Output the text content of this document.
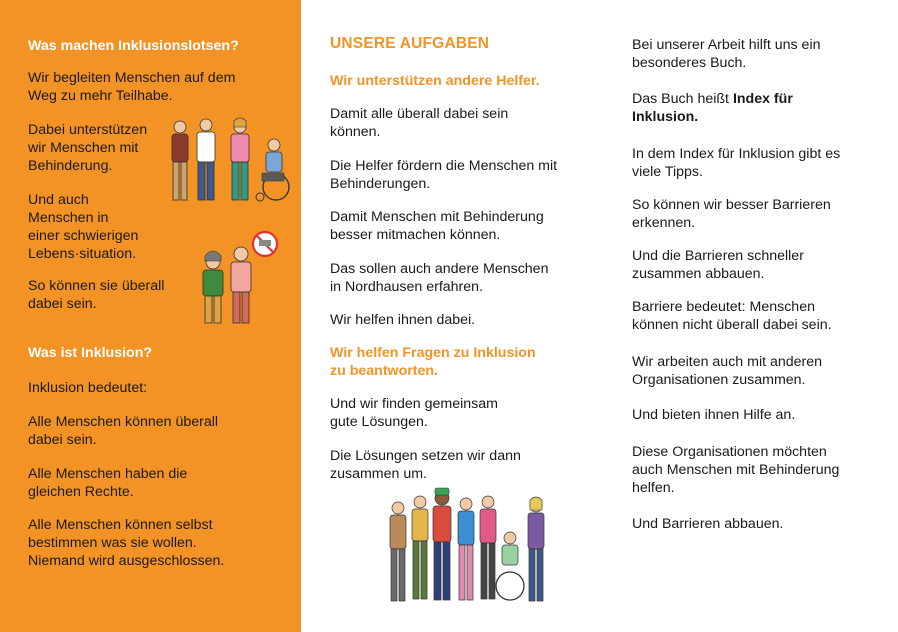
Was machen Inklusionslotsen?

Wir begleiten Menschen auf dem

Weg zu mehr Teilhabe.

Dabei unterstützen

wir Menschen mit

Behinderung.

Und auch

Menschen in

einer schwierigen

Lebens·situation.

So können sie überall

dabei sein.

Was ist Inklusion?

Inklusion bedeutet:

Alle Menschen können überall

dabei sein.

Alle Menschen haben die

gleichen Rechte.

Alle Menschen können selbst

bestimmen was sie wollen.

Niemand wird ausgeschlossen.

UNSERE AUFGABEN

Wir unterstützen andere Helfer.

Damit alle überall dabei sein

können.

Die Helfer fördern die Menschen mit

Behinderungen.

Damit Menschen mit Behinderung

besser mitmachen können.

Das sollen auch andere Menschen

in Nordhausen erfahren.

Wir helfen ihnen dabei.

Wir helfen Fragen zu Inklusion

zu beantworten.

Und wir finden gemeinsam

gute Lösungen.

Die Lösungen setzen wir dann

zusammen um.

Bei unserer Arbeit hilft uns ein

besonderes Buch.

Das Buch heißt Index für

Inklusion.

In dem Index für Inklusion gibt es

viele Tipps.

So können wir besser Barrieren

erkennen.

Und die Barrieren schneller

zusammen abbauen.

Barriere bedeutet: Menschen

können nicht überall dabei sein.

Wir arbeiten auch mit anderen

Organisationen zusammen.

Und bieten ihnen Hilfe an.

Diese Organisationen möchten

auch Menschen mit Behinderung

helfen.

Und Barrieren abbauen.
